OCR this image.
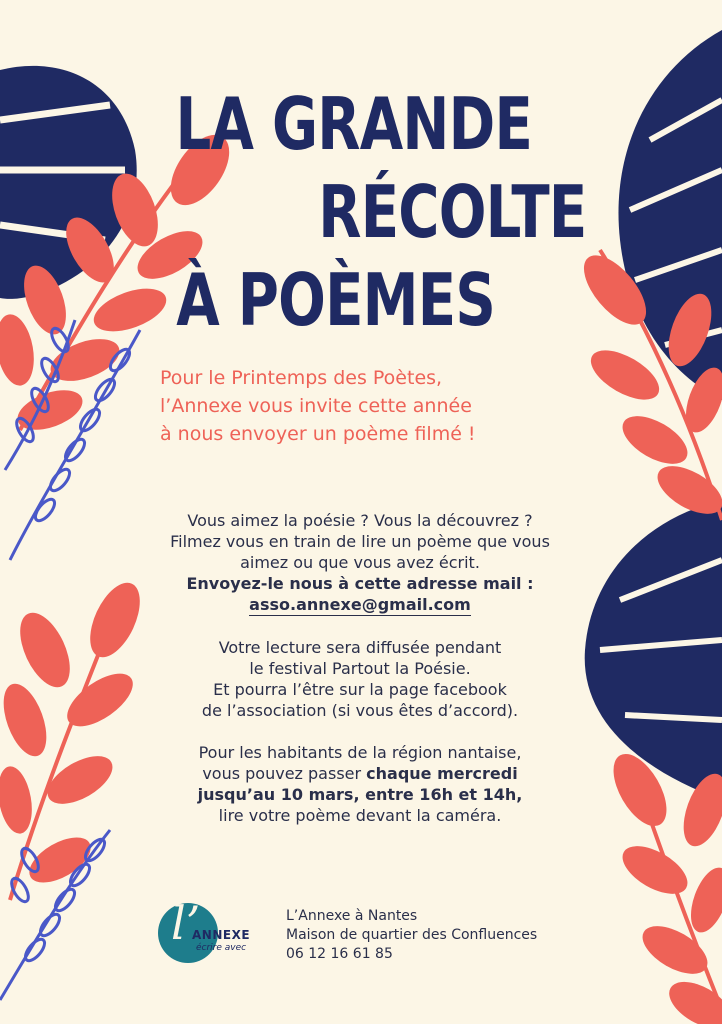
LA GRANDE
RÉCOLTE
À POÈMES
Pour le Printemps des Poètes,
l’Annexe vous invite cette année
à nous envoyer un poème filmé !

Vous aimez la poésie ? Vous la découvrez ?
Filmez vous en train de lire un poème que vous
aimez ou que vous avez écrit.
Envoyez-le nous à cette adresse mail :
asso.annexe@gmail.com

Votre lecture sera diffusée pendant
le festival Partout la Poésie.
Et pourra l’être sur la page facebook
de l’association (si vous êtes d’accord).

Pour les habitants de la région nantaise,
vous pouvez passer chaque mercredi
jusqu’au 10 mars, entre 16h et 14h,
lire votre poème devant la caméra.

l’
ANNEXE
écrire avec
L’Annexe à Nantes
Maison de quartier des Confluences
06 12 16 61 85
